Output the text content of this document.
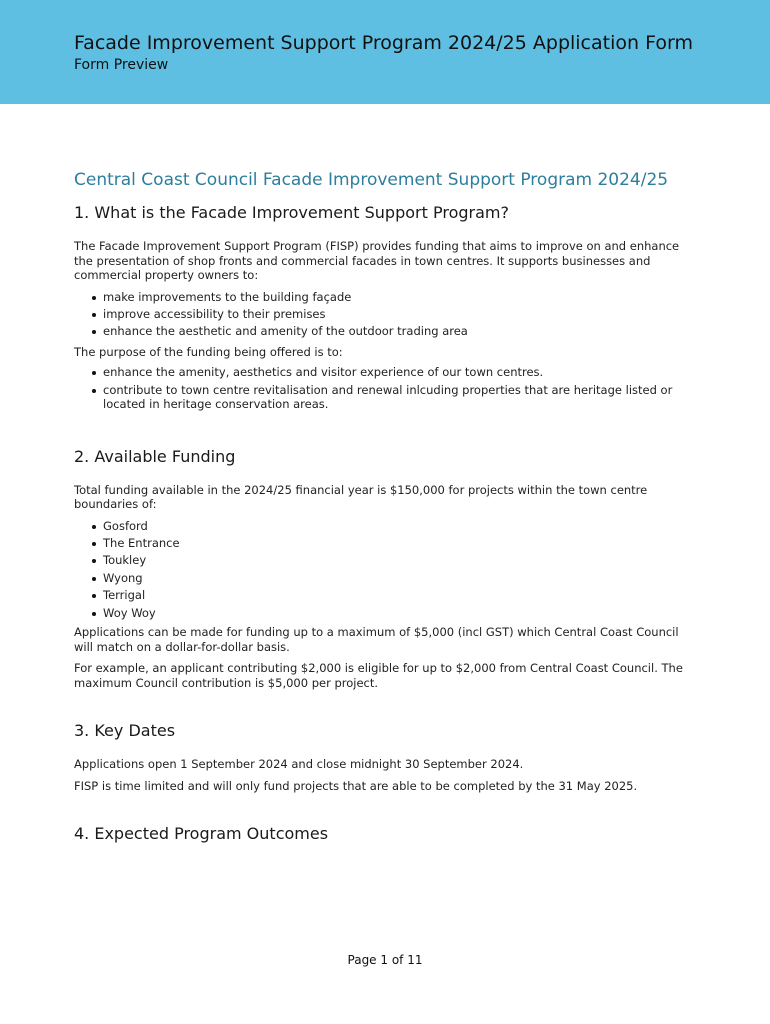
Facade Improvement Support Program 2024/25 Application Form
Form Preview
Central Coast Council Facade Improvement Support Program 2024/25
1. What is the Facade Improvement Support Program?

The Facade Improvement Support Program (FISP) provides funding that aims to improve on and enhance the presentation of shop fronts and commercial facades in town centres. It supports businesses and commercial property owners to:

make improvements to the building façade
improve accessibility to their premises
enhance the aesthetic and amenity of the outdoor trading area

The purpose of the funding being offered is to:

enhance the amenity, aesthetics and visitor experience of our town centres.
contribute to town centre revitalisation and renewal inlcuding properties that are heritage listed or located in heritage conservation areas.
2. Available Funding

Total funding available in the 2024/25 financial year is $150,000 for projects within the town centre boundaries of:

Gosford
The Entrance
Toukley
Wyong
Terrigal
Woy Woy

Applications can be made for funding up to a maximum of $5,000 (incl GST) which Central Coast Council will match on a dollar-for-dollar basis.

For example, an applicant contributing $2,000 is eligible for up to $2,000 from Central Coast Council. The maximum Council contribution is $5,000 per project.

3. Key Dates

Applications open 1 September 2024 and close midnight 30 September 2024.

FISP is time limited and will only fund projects that are able to be completed by the 31 May 2025.

4. Expected Program Outcomes
Page 1 of 11
